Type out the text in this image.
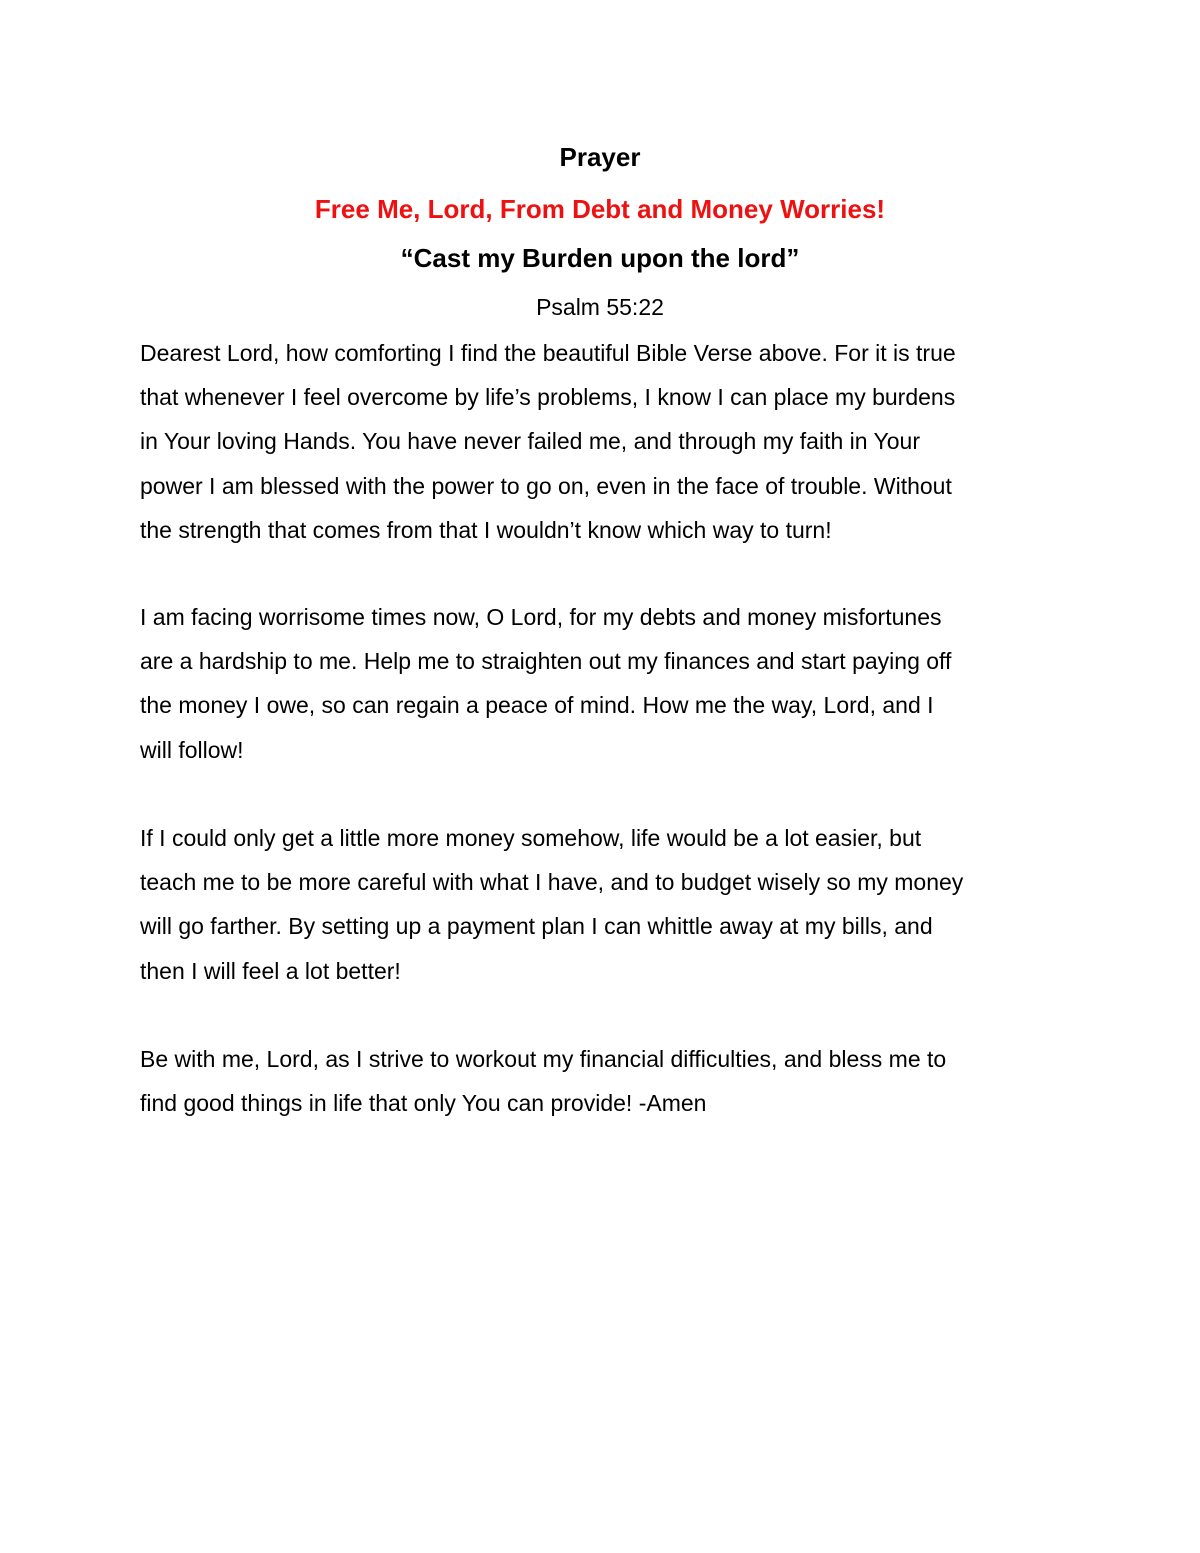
Prayer
Free Me, Lord, From Debt and Money Worries!
“Cast my Burden upon the lord”
Psalm 55:22
Dearest Lord, how comforting I find the beautiful Bible Verse above. For it is true
that whenever I feel overcome by life’s problems, I know I can place my burdens
in Your loving Hands. You have never failed me, and through my faith in Your
power I am blessed with the power to go on, even in the face of trouble. Without
the strength that comes from that I wouldn’t know which way to turn!
I am facing worrisome times now, O Lord, for my debts and money misfortunes
are a hardship to me. Help me to straighten out my finances and start paying off
the money I owe, so can regain a peace of mind. How me the way, Lord, and I
will follow!
If I could only get a little more money somehow, life would be a lot easier, but
teach me to be more careful with what I have, and to budget wisely so my money
will go farther. By setting up a payment plan I can whittle away at my bills, and
then I will feel a lot better!
Be with me, Lord, as I strive to workout my financial difficulties, and bless me to
find good things in life that only You can provide! -Amen
